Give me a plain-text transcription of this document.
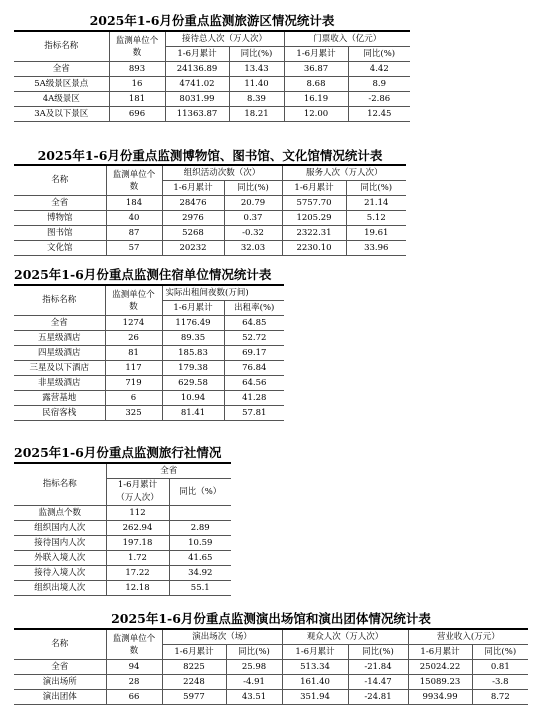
2025年1-6月份重点监测旅游区情况统计表
指标名称	监测单位个数	接待总人次（万人次）		门票收入（亿元）	
		1-6月累计	同比(%)	1-6月累计	同比(%)
全省	893	24136.89	13.43	36.87	4.42
5A级景区景点	16	4741.02	11.40	8.68	8.9
4A级景区	181	8031.99	8.39	16.19	-2.86
3A及以下景区	696	11363.87	18.21	12.00	12.45
2025年1-6月份重点监测博物馆、图书馆、文化馆情况统计表
名称	监测单位个数	组织活动次数（次）		服务人次（万人次）	
		1-6月累计	同比(%)	1-6月累计	同比(%)
全省	184	28476	20.79	5757.70	21.14
博物馆	40	2976	0.37	1205.29	5.12
图书馆	87	5268	-0.32	2322.31	19.61
文化馆	57	20232	32.03	2230.10	33.96
2025年1-6月份重点监测住宿单位情况统计表
指标名称	监测单位个数	实际出租间夜数(万间)	
		1-6月累计	出租率(%)
全省	1274	1176.49	64.85
五星级酒店	26	89.35	52.72
四星级酒店	81	185.83	69.17
三星及以下酒店	117	179.38	76.84
非星级酒店	719	629.58	64.56
露营基地	6	10.94	41.28
民宿客栈	325	81.41	57.81
2025年1-6月份重点监测旅行社情况
指标名称	全省	
	1-6月累计	同比（%）
	（万人次）	
监测点个数	112	
组织国内人次	262.94	2.89
接待国内人次	197.18	10.59
外联入境人次	1.72	41.65
接待入境人次	17.22	34.92
组织出境人次	12.18	55.1
2025年1-6月份重点监测演出场馆和演出团体情况统计表
名称	监测单位个数	演出场次（场）		观众人次（万人次）		营业收入(万元）	
		1-6月累计	同比(%)	1-6月累计	同比(%)	1-6月累计	同比(%)
全省	94	8225	25.98	513.34	-21.84	25024.22	0.81
演出场所	28	2248	-4.91	161.40	-14.47	15089.23	-3.8
演出团体	66	5977	43.51	351.94	-24.81	9934.99	8.72
